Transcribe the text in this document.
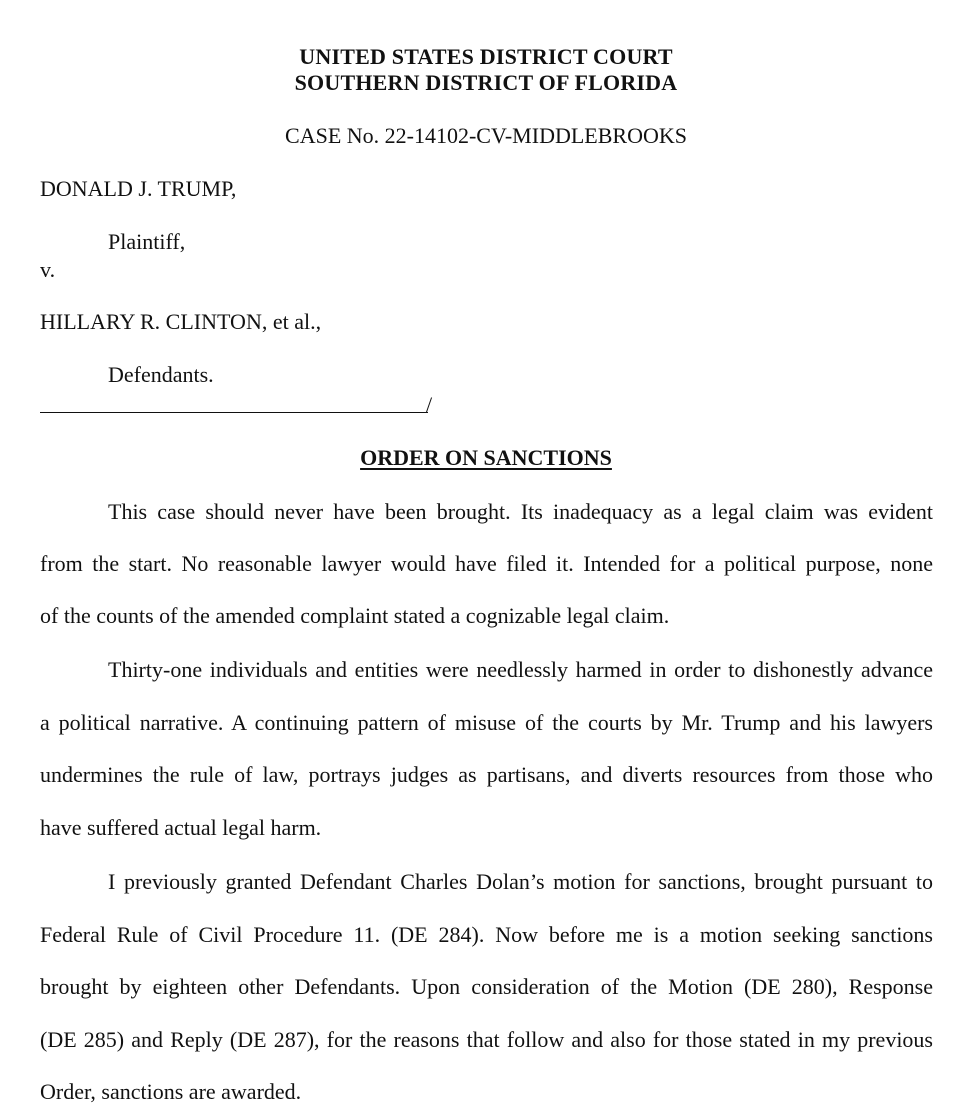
UNITED STATES DISTRICT COURT
SOUTHERN DISTRICT OF FLORIDA
CASE No. 22-14102-CV-MIDDLEBROOKS
DONALD J. TRUMP,
Plaintiff,
v.
HILLARY R. CLINTON, et al.,
Defendants.
/
ORDER ON SANCTIONS
This case should never have been brought. Its inadequacy as a legal claim was evident
from the start. No reasonable lawyer would have filed it. Intended for a political purpose, none
of the counts of the amended complaint stated a cognizable legal claim.
Thirty-one individuals and entities were needlessly harmed in order to dishonestly advance
a political narrative. A continuing pattern of misuse of the courts by Mr. Trump and his lawyers
undermines the rule of law, portrays judges as partisans, and diverts resources from those who
have suffered actual legal harm.
I previously granted Defendant Charles Dolan’s motion for sanctions, brought pursuant to
Federal Rule of Civil Procedure 11. (DE 284). Now before me is a motion seeking sanctions
brought by eighteen other Defendants. Upon consideration of the Motion (DE 280), Response
(DE 285) and Reply (DE 287), for the reasons that follow and also for those stated in my previous
Order, sanctions are awarded.
